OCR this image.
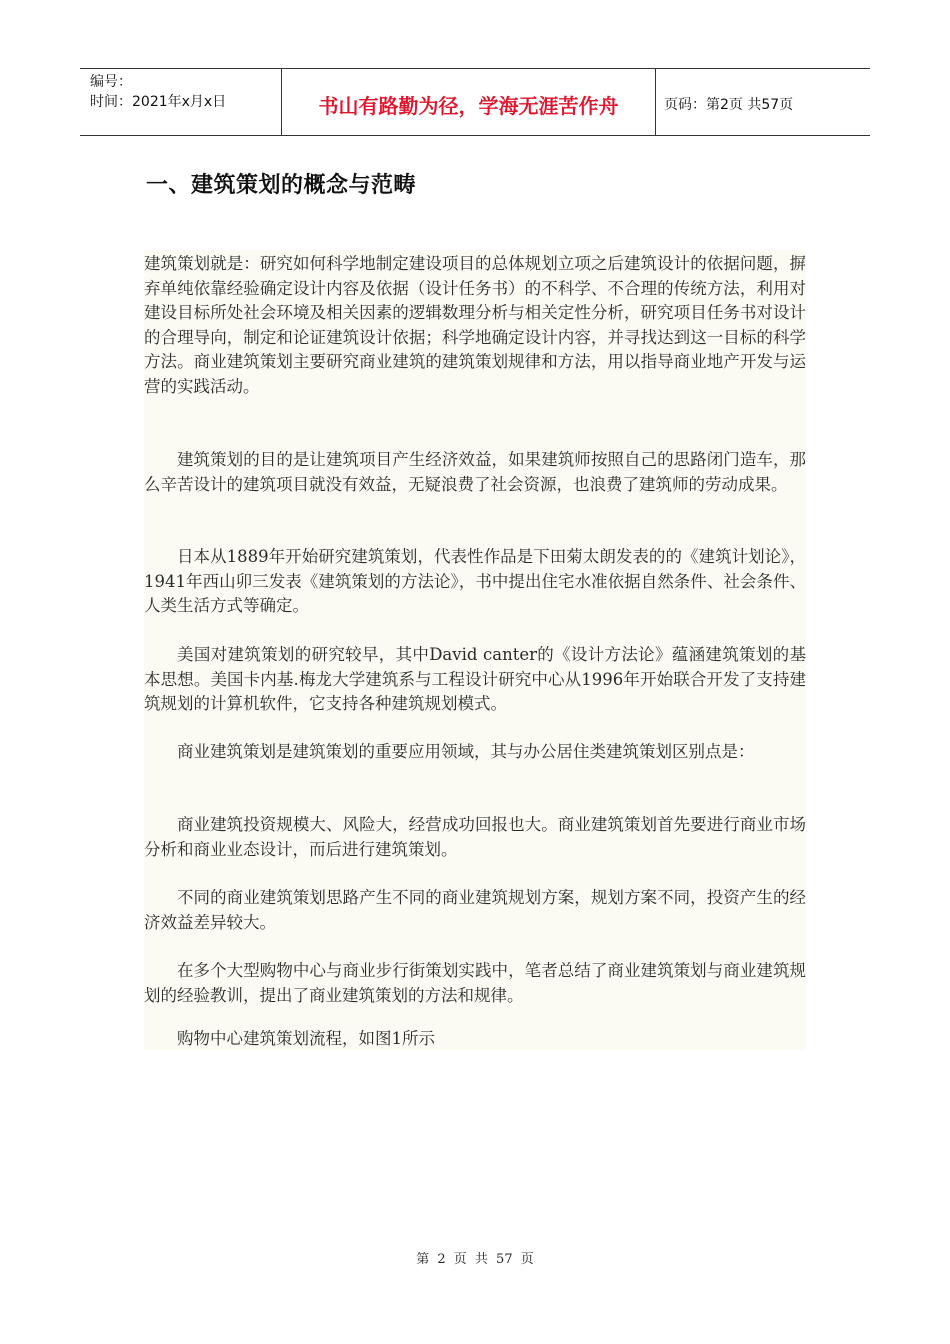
编号：
时间：2021年x月x日	书山有路勤为径，学海无涯苦作舟	页码：第2页 共57页
一、建筑策划的概念与范畴

建筑策划就是：研究如何科学地制定建设项目的总体规划立项之后建筑设计的依据问题，摒弃单纯依靠经验确定设计内容及依据（设计任务书）的不科学、不合理的传统方法，利用对建设目标所处社会环境及相关因素的逻辑数理分析与相关定性分析，研究项目任务书对设计的合理导向，制定和论证建筑设计依据；科学地确定设计内容，并寻找达到这一目标的科学方法。商业建筑策划主要研究商业建筑的建筑策划规律和方法，用以指导商业地产开发与运营的实践活动。

建筑策划的目的是让建筑项目产生经济效益，如果建筑师按照自己的思路闭门造车，那么辛苦设计的建筑项目就没有效益，无疑浪费了社会资源，也浪费了建筑师的劳动成果。

日本从1889年开始研究建筑策划，代表性作品是下田菊太朗发表的的《建筑计划论》，1941年西山卯三发表《建筑策划的方法论》，书中提出住宅水准依据自然条件、社会条件、人类生活方式等确定。

美国对建筑策划的研究较早，其中David canter的《设计方法论》蕴涵建筑策划的基本思想。美国卡内基.梅龙大学建筑系与工程设计研究中心从1996年开始联合开发了支持建筑规划的计算机软件，它支持各种建筑规划模式。

商业建筑策划是建筑策划的重要应用领域，其与办公居住类建筑策划区别点是：

商业建筑投资规模大、风险大，经营成功回报也大。商业建筑策划首先要进行商业市场分析和商业业态设计，而后进行建筑策划。

不同的商业建筑策划思路产生不同的商业建筑规划方案，规划方案不同，投资产生的经济效益差异较大。

在多个大型购物中心与商业步行街策划实践中，笔者总结了商业建筑策划与商业建筑规划的经验教训，提出了商业建筑策划的方法和规律。

购物中心建筑策划流程，如图1所示

第 2 页 共 57 页
